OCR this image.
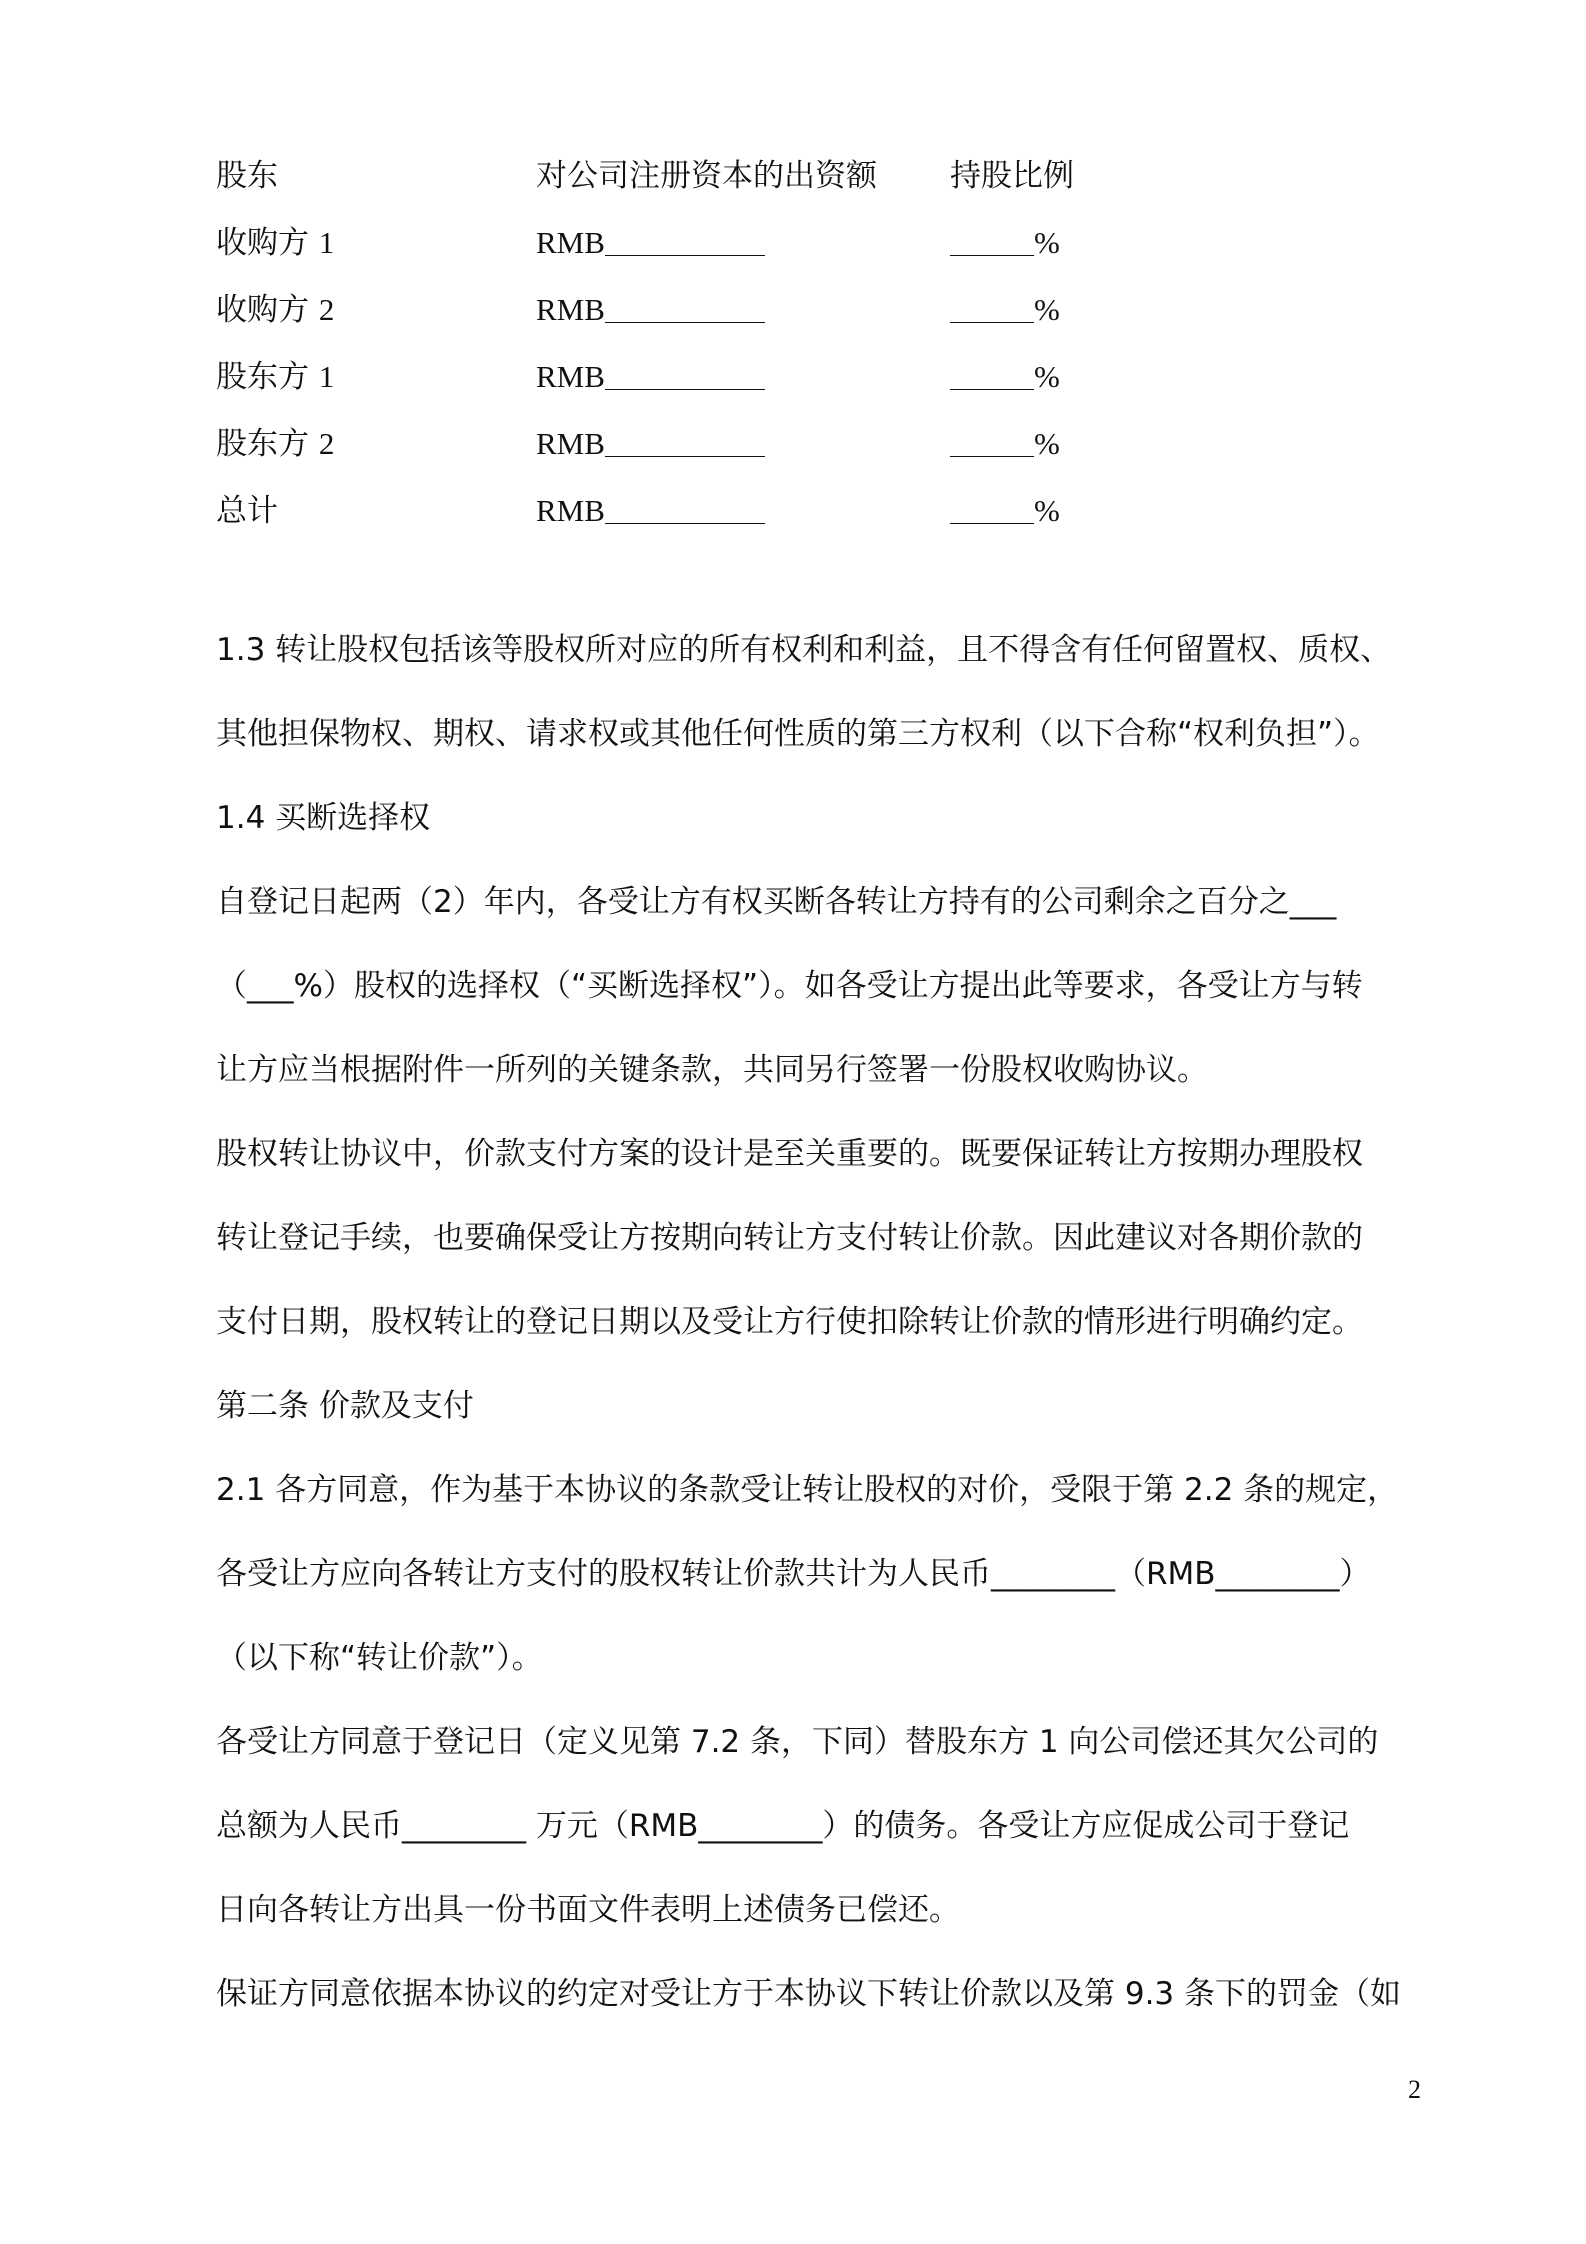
股东	对公司注册资本的出资额 持股比例
收购方 1	RMB	%
收购方 2	RMB	%
股东方 1	RMB	%
股东方 2	RMB	%
总计	RMB	%

1.3 转让股权包括该等股权所对应的所有权利和利益，且不得含有任何留置权、质权、

其他担保物权、期权、请求权或其他任何性质的第三方权利（以下合称“权利负担”）。

1.4 买断选择权

自登记日起两（2）年内，各受让方有权买断各转让方持有的公司剩余之百分之___

（___%）股权的选择权（“买断选择权”）。如各受让方提出此等要求，各受让方与转

让方应当根据附件一所列的关键条款，共同另行签署一份股权收购协议。

股权转让协议中，价款支付方案的设计是至关重要的。既要保证转让方按期办理股权

转让登记手续，也要确保受让方按期向转让方支付转让价款。因此建议对各期价款的

支付日期，股权转让的登记日期以及受让方行使扣除转让价款的情形进行明确约定。

第二条 价款及支付

2.1 各方同意，作为基于本协议的条款受让转让股权的对价，受限于第 2.2 条的规定，

各受让方应向各转让方支付的股权转让价款共计为人民币________（RMB________）

（以下称“转让价款”）。

各受让方同意于登记日（定义见第 7.2 条，下同）替股东方 1 向公司偿还其欠公司的

总额为人民币________ 万元（RMB________）的债务。各受让方应促成公司于登记

日向各转让方出具一份书面文件表明上述债务已偿还。

保证方同意依据本协议的约定对受让方于本协议下转让价款以及第 9.3 条下的罚金（如

2
